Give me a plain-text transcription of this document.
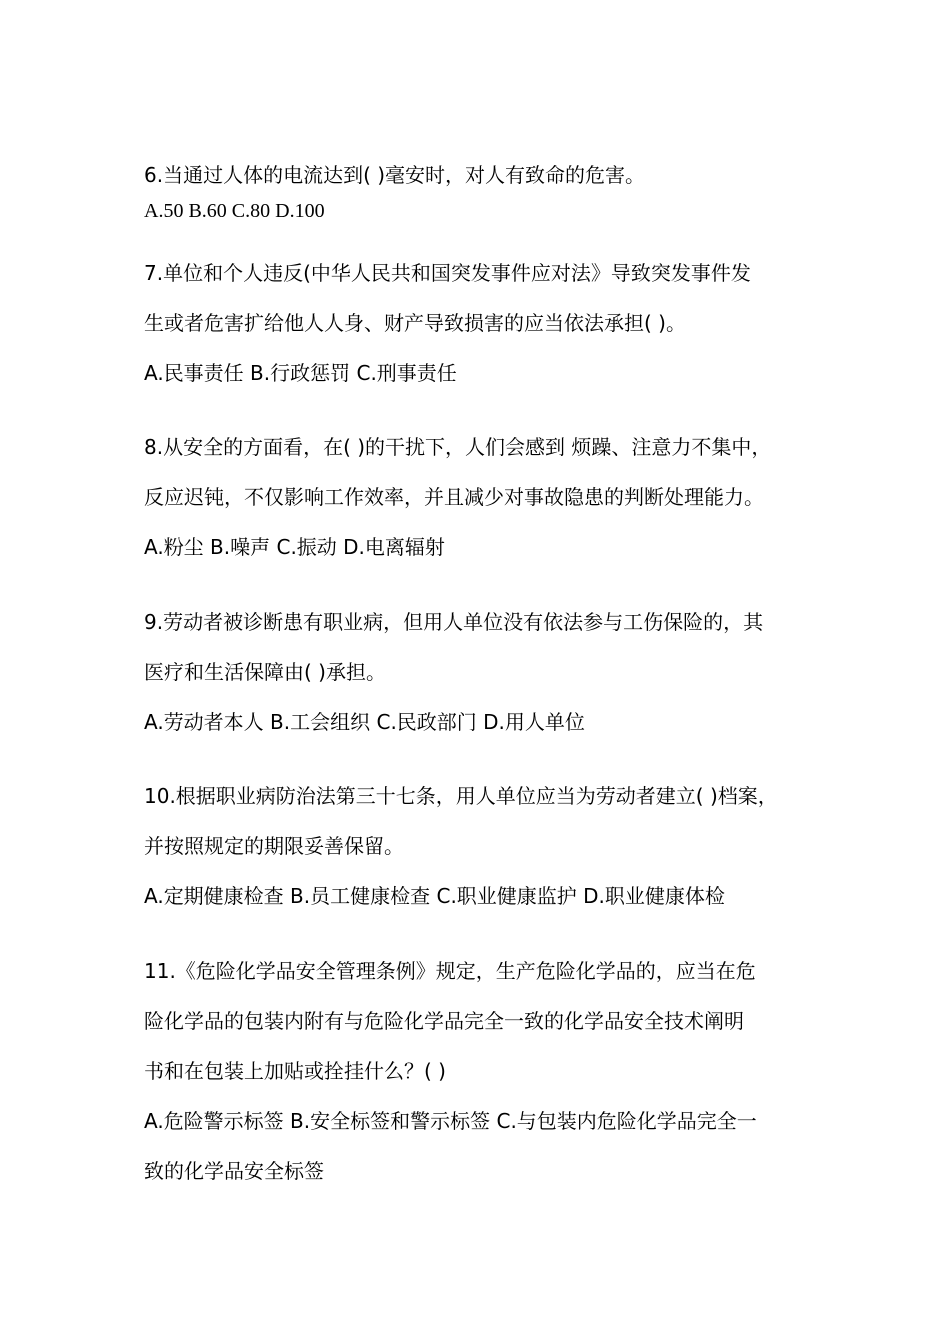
6.当通过人体的电流达到( )毫安时，对人有致命的危害。
A.50 B.60 C.80 D.100
7.单位和个人违反(中华人民共和国突发事件应对法》导致突发事件发
生或者危害扩给他人人身、财产导致损害的应当依法承担( )。
A.民事责任 B.行政惩罚 C.刑事责任
8.从安全的方面看，在( )的干扰下，人们会感到 烦躁、注意力不集中，
反应迟钝，不仅影响工作效率，并且减少对事故隐患的判断处理能力。
A.粉尘 B.噪声 C.振动 D.电离辐射
9.劳动者被诊断患有职业病，但用人单位没有依法参与工伤保险的，其
医疗和生活保障由( )承担。
A.劳动者本人 B.工会组织 C.民政部门 D.用人单位
10.根据职业病防治法第三十七条，用人单位应当为劳动者建立( )档案，
并按照规定的期限妥善保留。
A.定期健康检查 B.员工健康检查 C.职业健康监护 D.职业健康体检
11.《危险化学品安全管理条例》规定，生产危险化学品的，应当在危
险化学品的包装内附有与危险化学品完全一致的化学品安全技术阐明
书和在包装上加贴或拴挂什么？( )
A.危险警示标签 B.安全标签和警示标签 C.与包装内危险化学品完全一
致的化学品安全标签
